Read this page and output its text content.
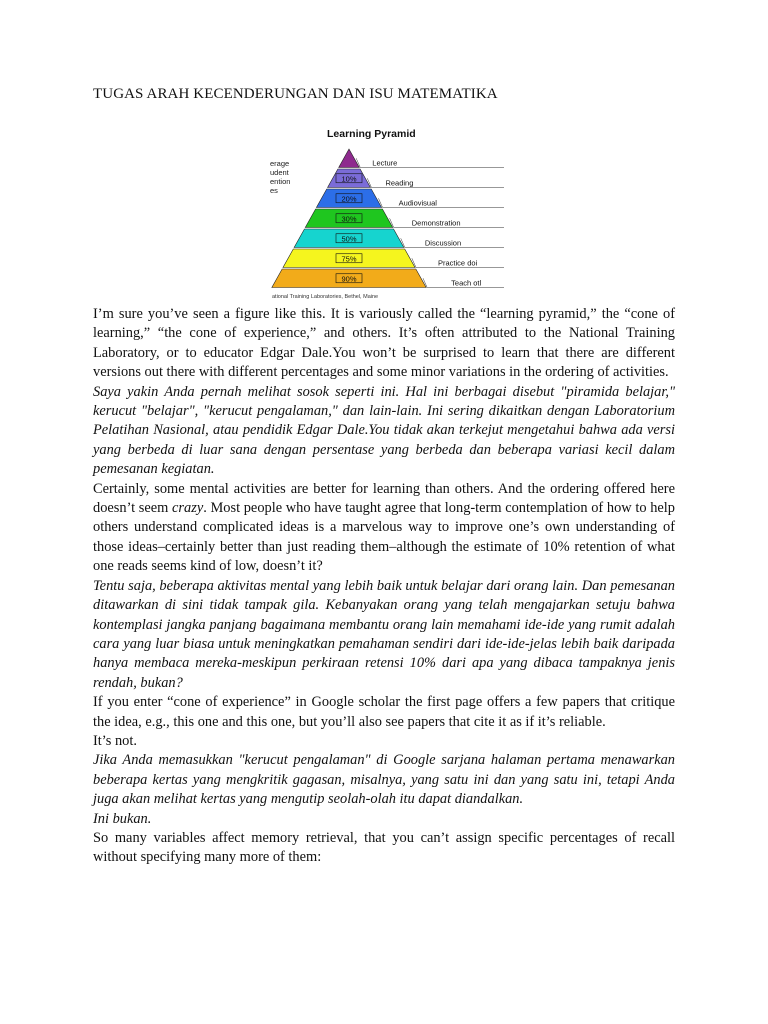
TUGAS ARAH KECENDERUNGAN DAN ISU MATEMATIKA
Learning Pyramid
erage udent ention es
Lecture
10%	Reading
20%	Audiovisual
30%	Demonstration
50%	Discussion
75%	Practice doi
90%	Teach otl
ational Training Laboratories, Bethel, Maine

I’m sure you’ve seen a figure like this. It is variously called the “learning pyramid,” the “cone of learning,” “the cone of experience,” and others. It’s often attributed to the National Training Laboratory, or to educator Edgar Dale.You won’t be surprised to learn that there are different versions out there with different percentages and some minor variations in the ordering of activities.

Saya yakin Anda pernah melihat sosok seperti ini. Hal ini berbagai disebut "piramida belajar," kerucut "belajar", "kerucut pengalaman," dan lain-lain. Ini sering dikaitkan dengan Laboratorium Pelatihan Nasional, atau pendidik Edgar Dale.You tidak akan terkejut mengetahui bahwa ada versi yang berbeda di luar sana dengan persentase yang berbeda dan beberapa variasi kecil dalam pemesanan kegiatan.

Certainly, some mental activities are better for learning than others. And the ordering offered here doesn’t seem crazy. Most people who have taught agree that long-term contemplation of how to help others understand complicated ideas is a marvelous way to improve one’s own understanding of those ideas–certainly better than just reading them–although the estimate of 10% retention of what one reads seems kind of low, doesn’t it?

Tentu saja, beberapa aktivitas mental yang lebih baik untuk belajar dari orang lain. Dan pemesanan ditawarkan di sini tidak tampak gila. Kebanyakan orang yang telah mengajarkan setuju bahwa kontemplasi jangka panjang bagaimana membantu orang lain memahami ide-ide yang rumit adalah cara yang luar biasa untuk meningkatkan pemahaman sendiri dari ide-ide-jelas lebih baik daripada hanya membaca mereka-meskipun perkiraan retensi 10% dari apa yang dibaca tampaknya jenis rendah, bukan?

If you enter “cone of experience” in Google scholar the first page offers a few papers that critique the idea, e.g., this one and this one, but you’ll also see papers that cite it as if it’s reliable.

It’s not.

Jika Anda memasukkan "kerucut pengalaman" di Google sarjana halaman pertama menawarkan beberapa kertas yang mengkritik gagasan, misalnya, yang satu ini dan yang satu ini, tetapi Anda juga akan melihat kertas yang mengutip seolah-olah itu dapat diandalkan.

Ini bukan.

So many variables affect memory retrieval, that you can’t assign specific percentages of recall without specifying many more of them:
